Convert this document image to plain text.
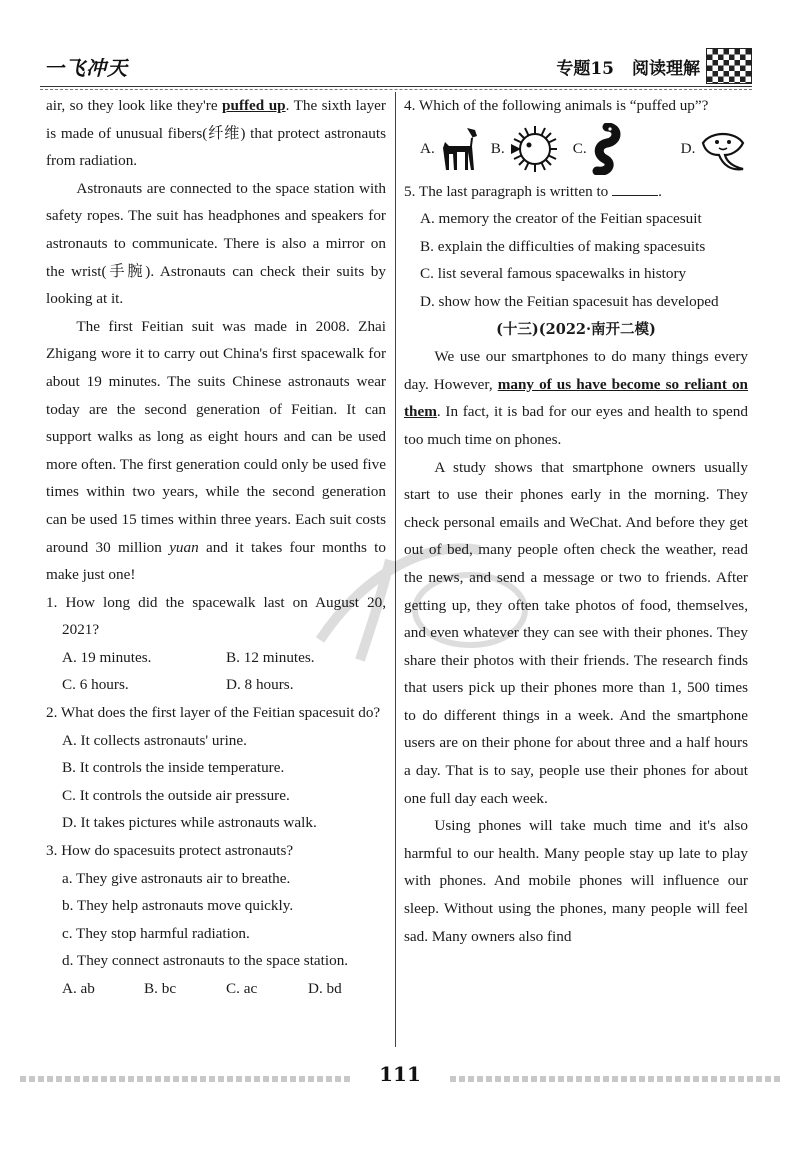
一飞冲天	专题15 阅读理解

air, so they look like they're puffed up. The sixth layer is made of unusual fibers(纤维) that protect astronauts from radiation.

Astronauts are connected to the space station with safety ropes. The suit has headphones and speakers for astronauts to communicate. There is also a mirror on the wrist(手腕). Astronauts can check their suits by looking at it.

The first Feitian suit was made in 2008. Zhai Zhigang wore it to carry out China's first spacewalk for about 19 minutes. The suits Chinese astronauts wear today are the second generation of Feitian. It can support walks as long as eight hours and can be used more often. The first generation could only be used five times within two years, while the second generation can be used 15 times within three years. Each suit costs around 30 million yuan and it takes four months to make just one!

1. How long did the spacewalk last on August 20, 2021?

A. 19 minutes.	B. 12 minutes.
C. 6 hours.	D. 8 hours.

2. What does the first layer of the Feitian spacesuit do?

A. It collects astronauts' urine.
B. It controls the inside temperature.
C. It controls the outside air pressure.
D. It takes pictures while astronauts walk.

3. How do spacesuits protect astronauts?

a. They give astronauts air to breathe.
b. They help astronauts move quickly.
c. They stop harmful radiation.
d. They connect astronauts to the space station.
A. ab	B. bc	C. ac	D. bd

4. Which of the following animals is “puffed up”?

A.	B.	C.	D.

5. The last paragraph is written to	.

A. memory the creator of the Feitian spacesuit
B. explain the difficulties of making spacesuits
C. list several famous spacewalks in history
D. show how the Feitian spacesuit has developed

(十三)(2022·南开二模)

We use our smartphones to do many things every day. However, many of us have become so reliant on them. In fact, it is bad for our eyes and health to spend too much time on phones.

A study shows that smartphone owners usually start to use their phones early in the morning. They check personal emails and WeChat. And before they get out of bed, many people often check the weather, read the news, and send a message or two to friends. After getting up, they often take photos of food, themselves, and even whatever they can see with their phones. They share their photos with their friends. The research finds that users pick up their phones more than 1, 500 times to do different things in a week. And the smartphone users are on their phone for about three and a half hours a day. That is to say, people use their phones for about one full day each week.

Using phones will take much time and it's also harmful to our health. Many people stay up late to play with phones. And mobile phones will influence our sleep. Without using the phones, many people will feel sad. Many owners also find

111
